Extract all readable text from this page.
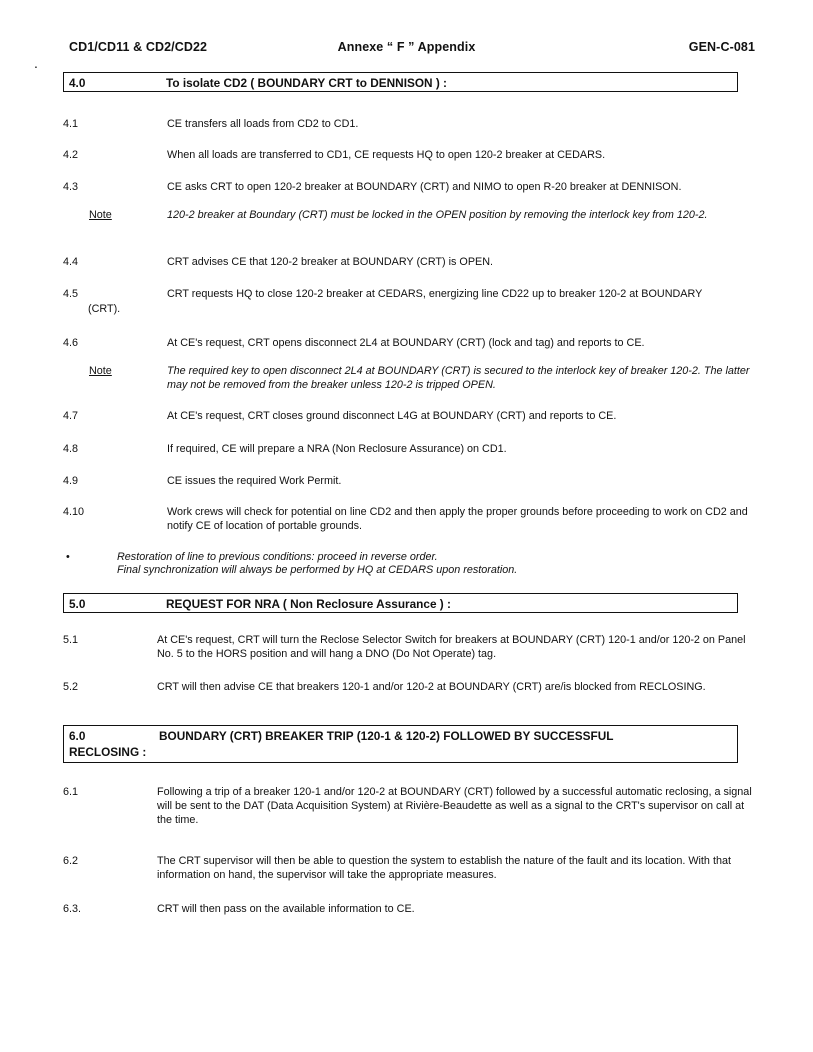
CD1/CD11 & CD2/CD22	Annexe “ F ” Appendix	GEN-C-081
.
4.0	To isolate CD2 ( BOUNDARY CRT to DENNISON ) :
4.1	CE transfers all loads from CD2 to CD1.
4.2	When all loads are transferred to CD1, CE requests HQ to open 120-2 breaker at CEDARS.
4.3	CE asks CRT to open 120-2 breaker at BOUNDARY (CRT) and NIMO to open R-20 breaker at DENNISON.
Note	120-2 breaker at Boundary (CRT) must be locked in the OPEN position by removing the interlock key from 120-2.
4.4	CRT advises CE that 120-2 breaker at BOUNDARY (CRT) is OPEN.
4.5	CRT requests HQ to close 120-2 breaker at CEDARS, energizing line CD22 up to breaker 120-2 at BOUNDARY
(CRT).
4.6	At CE's request, CRT opens disconnect 2L4 at BOUNDARY (CRT) (lock and tag) and reports to CE.
Note	The required key to open disconnect 2L4 at BOUNDARY (CRT) is secured to the interlock key of breaker 120-2. The latter may not be removed from the breaker unless 120-2 is tripped OPEN.
4.7	At CE's request, CRT closes ground disconnect L4G at BOUNDARY (CRT) and reports to CE.
4.8	If required, CE will prepare a NRA (Non Reclosure Assurance) on CD1.
4.9	CE issues the required Work Permit.
4.10	Work crews will check for potential on line CD2 and then apply the proper grounds before proceeding to work on CD2 and notify CE of location of portable grounds.
•	Restoration of line to previous conditions: proceed in reverse order.
Final synchronization will always be performed by HQ at CEDARS upon restoration.
5.0	REQUEST FOR NRA ( Non Reclosure Assurance ) :
5.1	At CE's request, CRT will turn the Reclose Selector Switch for breakers at BOUNDARY (CRT) 120-1 and/or 120-2 on Panel No. 5 to the HORS position and will hang a DNO (Do Not Operate) tag.
5.2	CRT will then advise CE that breakers 120-1 and/or 120-2 at BOUNDARY (CRT) are/is blocked from RECLOSING.
6.0	BOUNDARY (CRT) BREAKER TRIP (120-1 & 120-2) FOLLOWED BY SUCCESSFUL
RECLOSING :
6.1	Following a trip of a breaker 120-1 and/or 120-2 at BOUNDARY (CRT) followed by a successful automatic reclosing, a signal will be sent to the DAT (Data Acquisition System) at Rivière-Beaudette as well as a signal to the CRT's supervisor on call at the time.
6.2	The CRT supervisor will then be able to question the system to establish the nature of the fault and its location. With that information on hand, the supervisor will take the appropriate measures.
6.3.	CRT will then pass on the available information to CE.
